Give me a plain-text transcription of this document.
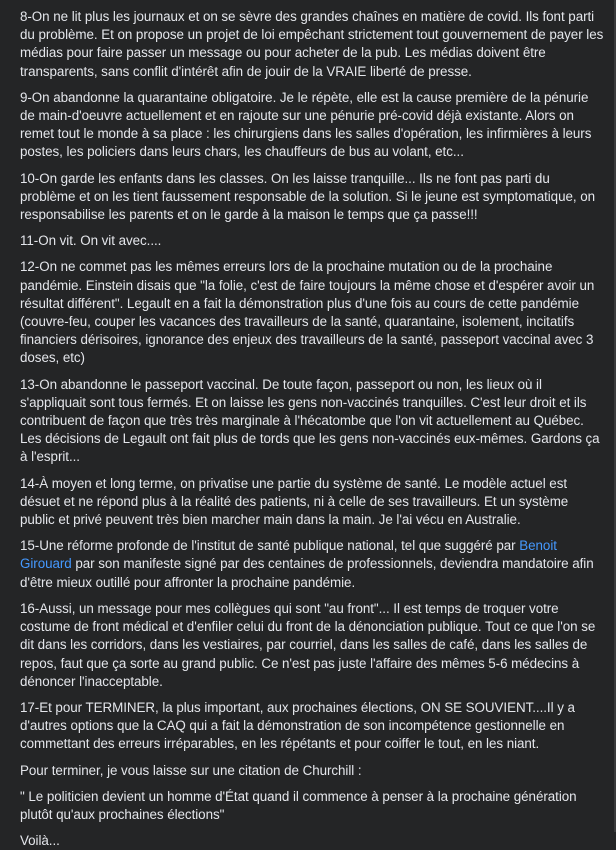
8-On ne lit plus les journaux et on se sèvre des grandes chaînes en matière de covid. Ils font parti du problème. Et on propose un projet de loi empêchant strictement tout gouvernement de payer les médias pour faire passer un message ou pour acheter de la pub. Les médias doivent être transparents, sans conflit d'intérêt afin de jouir de la VRAIE liberté de presse.

9-On abandonne la quarantaine obligatoire. Je le répète, elle est la cause première de la pénurie de main-d'oeuvre actuellement et en rajoute sur une pénurie pré-covid déjà existante. Alors on remet tout le monde à sa place : les chirurgiens dans les salles d'opération, les infirmières à leurs postes, les policiers dans leurs chars, les chauffeurs de bus au volant, etc...

10-On garde les enfants dans les classes. On les laisse tranquille... Ils ne font pas parti du problème et on les tient faussement responsable de la solution. Si le jeune est symptomatique, on responsabilise les parents et on le garde à la maison le temps que ça passe!!!

11-On vit. On vit avec....

12-On ne commet pas les mêmes erreurs lors de la prochaine mutation ou de la prochaine pandémie. Einstein disais que "la folie, c'est de faire toujours la même chose et d'espérer avoir un résultat différent". Legault en a fait la démonstration plus d'une fois au cours de cette pandémie (couvre-feu, couper les vacances des travailleurs de la santé, quarantaine, isolement, incitatifs financiers dérisoires, ignorance des enjeux des travailleurs de la santé, passeport vaccinal avec 3 doses, etc)

13-On abandonne le passeport vaccinal. De toute façon, passeport ou non, les lieux où il s'appliquait sont tous fermés. Et on laisse les gens non-vaccinés tranquilles. C'est leur droit et ils contribuent de façon que très très marginale à l'hécatombe que l'on vit actuellement au Québec. Les décisions de Legault ont fait plus de tords que les gens non-vaccinés eux-mêmes. Gardons ça à l'esprit...

14-À moyen et long terme, on privatise une partie du système de santé. Le modèle actuel est désuet et ne répond plus à la réalité des patients, ni à celle de ses travailleurs. Et un système public et privé peuvent très bien marcher main dans la main. Je l'ai vécu en Australie.

15-Une réforme profonde de l'institut de santé publique national, tel que suggéré par Benoit Girouard par son manifeste signé par des centaines de professionnels, deviendra mandatoire afin d'être mieux outillé pour affronter la prochaine pandémie.

16-Aussi, un message pour mes collègues qui sont "au front"... Il est temps de troquer votre costume de front médical et d'enfiler celui du front de la dénonciation publique. Tout ce que l'on se dit dans les corridors, dans les vestiaires, par courriel, dans les salles de café, dans les salles de repos, faut que ça sorte au grand public. Ce n'est pas juste l'affaire des mêmes 5-6 médecins à dénoncer l'inacceptable.

17-Et pour TERMINER, la plus important, aux prochaines élections, ON SE SOUVIENT....Il y a d'autres options que la CAQ qui a fait la démonstration de son incompétence gestionnelle en commettant des erreurs irréparables, en les répétants et pour coiffer le tout, en les niant.

Pour terminer, je vous laisse sur une citation de Churchill :

" Le politicien devient un homme d'État quand il commence à penser à la prochaine génération plutôt qu'aux prochaines élections"

Voilà...
